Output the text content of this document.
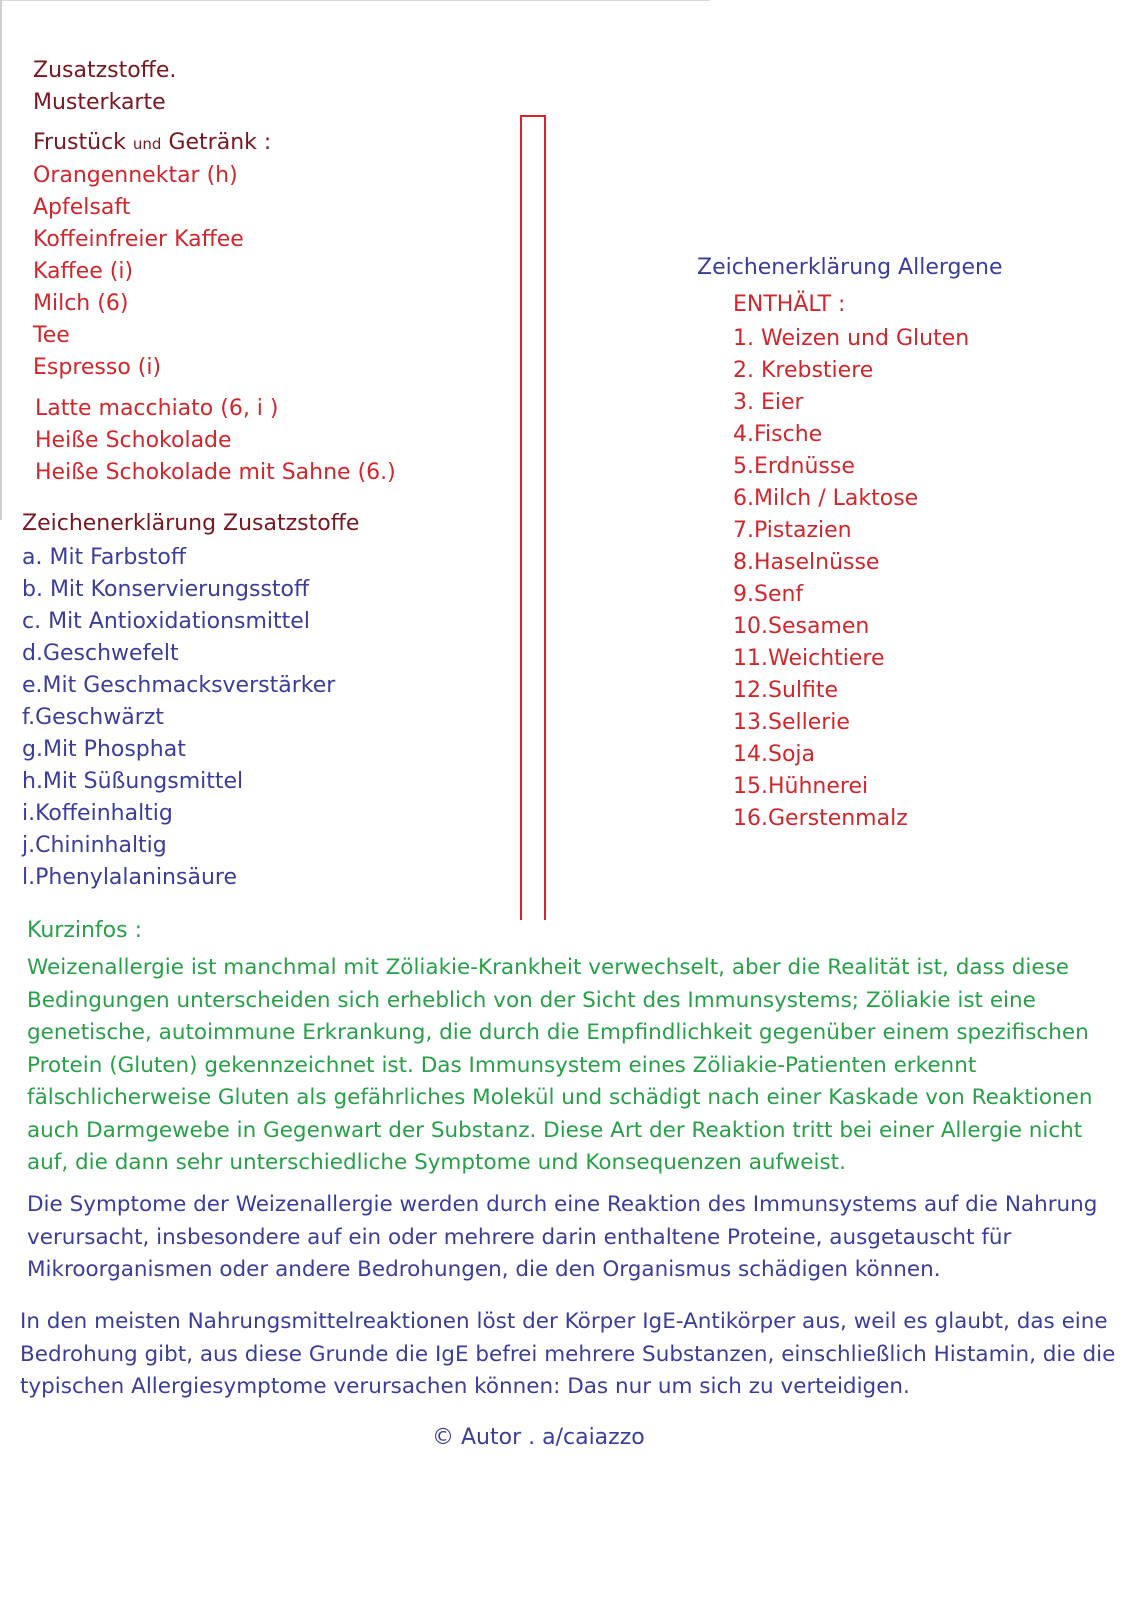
Zusatzstoffe.
Musterkarte
Frustück und Getränk :
Orangennektar (h)
Apfelsaft
Koffeinfreier Kaffee
Kaffee (i)
Milch (6)
Tee
Espresso (i)
Latte macchiato (6, i )
Heiße Schokolade
Heiße Schokolade mit Sahne (6.)
Zeichenerklärung Zusatzstoffe
a. Mit Farbstoff
b. Mit Konservierungsstoff
c. Mit Antioxidationsmittel
d.Geschwefelt
e.Mit Geschmacksverstärker
f.Geschwärzt
g.Mit Phosphat
h.Mit Süßungsmittel
i.Koffeinhaltig
j.Chininhaltig
l.Phenylalaninsäure
Zeichenerklärung Allergene
ENTHÄLT :
1. Weizen und Gluten
2. Krebstiere
3. Eier
4.Fische
5.Erdnüsse
6.Milch / Laktose
7.Pistazien
8.Haselnüsse
9.Senf
10.Sesamen
11.Weichtiere
12.Sulfite
13.Sellerie
14.Soja
15.Hühnerei
16.Gerstenmalz
Kurzinfos :
Weizenallergie ist manchmal mit Zöliakie-Krankheit verwechselt, aber die Realität ist, dass diese Bedingungen unterscheiden sich erheblich von der Sicht des Immunsystems; Zöliakie ist eine genetische, autoimmune Erkrankung, die durch die Empfindlichkeit gegenüber einem spezifischen Protein (Gluten) gekennzeichnet ist. Das Immunsystem eines Zöliakie-Patienten erkennt fälschlicherweise Gluten als gefährliches Molekül und schädigt nach einer Kaskade von Reaktionen auch Darmgewebe in Gegenwart der Substanz. Diese Art der Reaktion tritt bei einer Allergie nicht auf, die dann sehr unterschiedliche Symptome und Konsequenzen aufweist.
Die Symptome der Weizenallergie werden durch eine Reaktion des Immunsystems auf die Nahrung verursacht, insbesondere auf ein oder mehrere darin enthaltene Proteine, ausgetauscht für Mikroorganismen oder andere Bedrohungen, die den Organismus schädigen können.
In den meisten Nahrungsmittelreaktionen löst der Körper IgE-Antikörper aus, weil es glaubt, das eine Bedrohung gibt, aus diese Grunde die IgE befrei mehrere Substanzen, einschließlich Histamin, die die typischen Allergiesymptome verursachen können: Das nur um sich zu verteidigen.
© Autor . a/caiazzo
